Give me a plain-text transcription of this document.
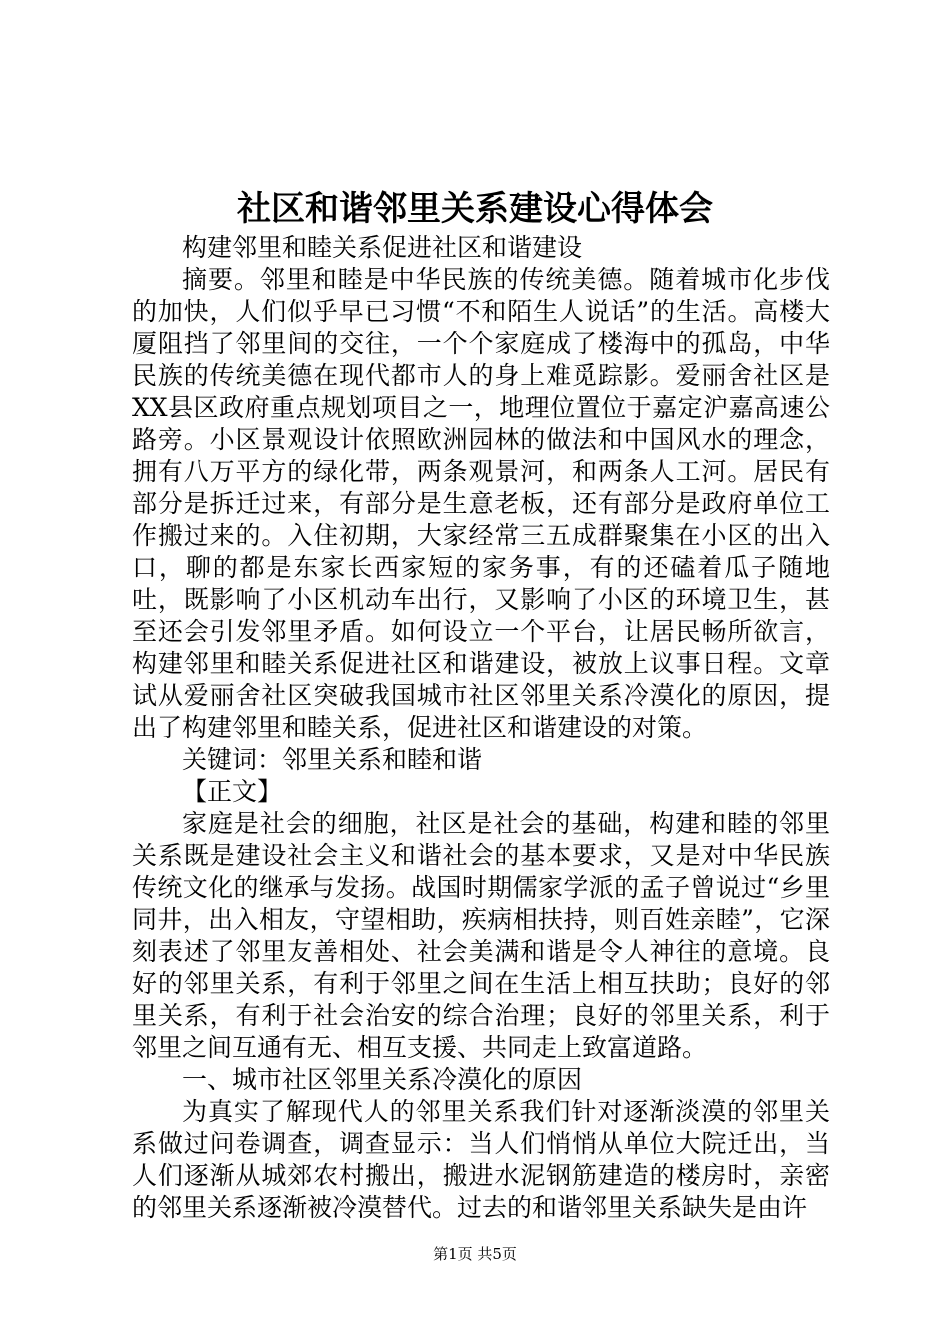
社区和谐邻里关系建设心得体会

构建邻里和睦关系促进社区和谐建设

摘要。邻里和睦是中华民族的传统美德。随着城市化步伐的加快，人们似乎早已习惯“不和陌生人说话”的生活。高楼大厦阻挡了邻里间的交往，一个个家庭成了楼海中的孤岛，中华民族的传统美德在现代都市人的身上难觅踪影。爱丽舍社区是XX县区政府重点规划项目之一，地理位置位于嘉定沪嘉高速公路旁。小区景观设计依照欧洲园林的做法和中国风水的理念，拥有八万平方的绿化带，两条观景河，和两条人工河。居民有部分是拆迁过来，有部分是生意老板，还有部分是政府单位工作搬过来的。入住初期，大家经常三五成群聚集在小区的出入口，聊的都是东家长西家短的家务事，有的还磕着瓜子随地吐，既影响了小区机动车出行，又影响了小区的环境卫生，甚至还会引发邻里矛盾。如何设立一个平台，让居民畅所欲言，构建邻里和睦关系促进社区和谐建设，被放上议事日程。文章试从爱丽舍社区突破我国城市社区邻里关系冷漠化的原因，提出了构建邻里和睦关系，促进社区和谐建设的对策。

关键词：邻里关系和睦和谐

【正文】

家庭是社会的细胞，社区是社会的基础，构建和睦的邻里关系既是建设社会主义和谐社会的基本要求，又是对中华民族传统文化的继承与发扬。战国时期儒家学派的孟子曾说过“乡里同井，出入相友，守望相助，疾病相扶持，则百姓亲睦”，它深刻表述了邻里友善相处、社会美满和谐是令人神往的意境。良好的邻里关系，有利于邻里之间在生活上相互扶助；良好的邻里关系，有利于社会治安的综合治理；良好的邻里关系，利于邻里之间互通有无、相互支援、共同走上致富道路。

一、城市社区邻里关系冷漠化的原因

为真实了解现代人的邻里关系我们针对逐渐淡漠的邻里关系做过问卷调查，调查显示：当人们悄悄从单位大院迁出，当人们逐渐从城郊农村搬出，搬进水泥钢筋建造的楼房时，亲密的邻里关系逐渐被冷漠替代。过去的和谐邻里关系缺失是由许

第1页 共5页
